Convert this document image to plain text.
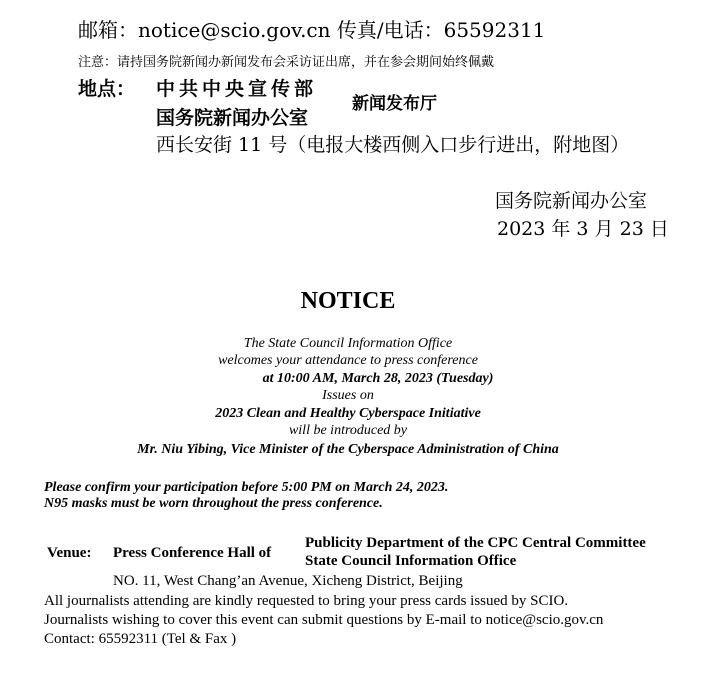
邮箱：notice@scio.gov.cn 传真/电话：65592311
注意：请持国务院新闻办新闻发布会采访证出席，并在参会期间始终佩戴
地点： 中共中央宣传部
国务院新闻办公室
新闻发布厅
西长安街 11 号（电报大楼西侧入口步行进出，附地图）
国务院新闻办公室
2023 年 3 月 23 日
NOTICE
The State Council Information Office
welcomes your attendance to press conference
at 10:00 AM, March 28, 2023 (Tuesday)
Issues on
2023 Clean and Healthy Cyberspace Initiative
will be introduced by
Mr. Niu Yibing, Vice Minister of the Cyberspace Administration of China
Please confirm your participation before 5:00 PM on March 24, 2023.
N95 masks must be worn throughout the press conference.
Venue: Press Conference Hall of
Publicity Department of the CPC Central Committee
State Council Information Office
NO. 11, West Chang’an Avenue, Xicheng District, Beijing
All journalists attending are kindly requested to bring your press cards issued by SCIO.
Journalists wishing to cover this event can submit questions by E-mail to notice@scio.gov.cn
Contact: 65592311 (Tel & Fax )
